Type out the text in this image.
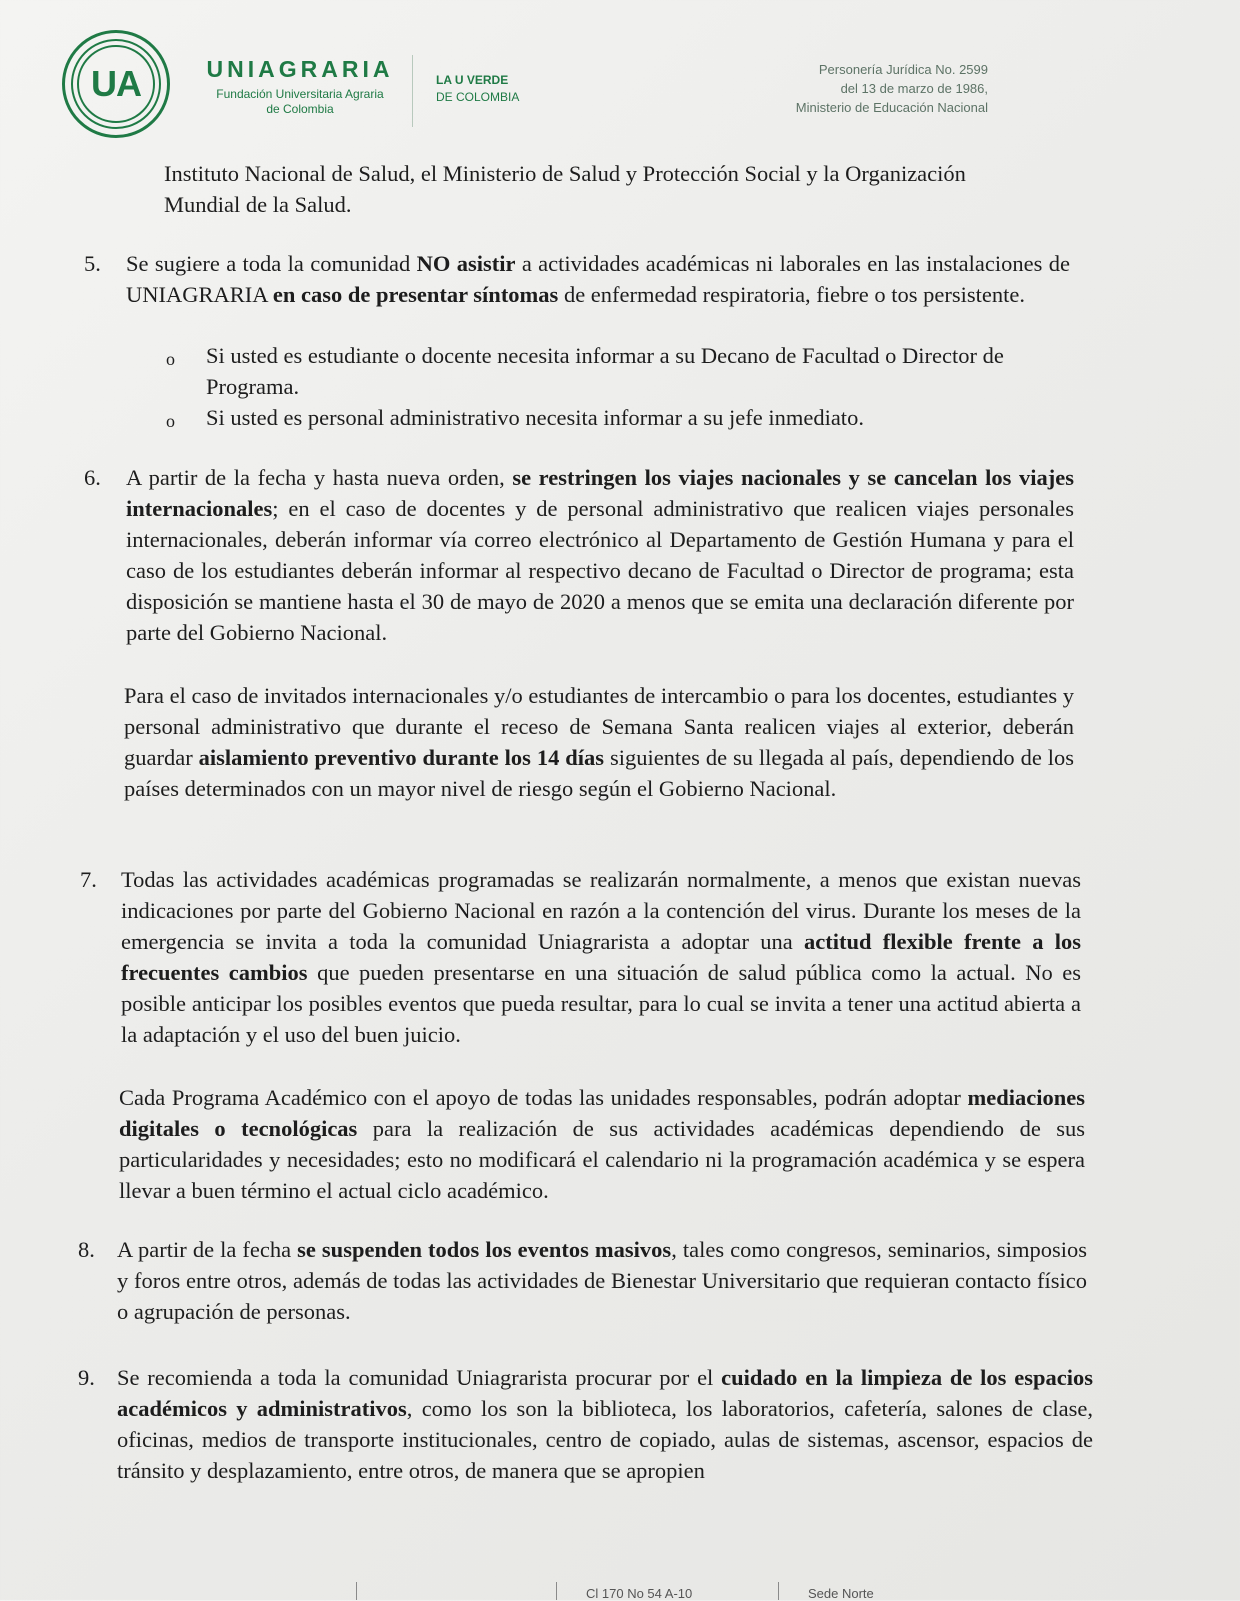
UA	UNIAGRARIA
Fundación Universitaria Agraria
de Colombia
LA U VERDE
DE COLOMBIA
Personería Jurídica No. 2599
del 13 de marzo de 1986,
Ministerio de Educación Nacional
Instituto Nacional de Salud, el Ministerio de Salud y Protección Social y la Organización
Mundial de la Salud.
5. Se sugiere a toda la comunidad NO asistir a actividades académicas ni laborales en las instalaciones de UNIAGRARIA en caso de presentar síntomas de enfermedad respiratoria, fiebre o tos persistente.
o Si usted es estudiante o docente necesita informar a su Decano de Facultad o Director de Programa.
o Si usted es personal administrativo necesita informar a su jefe inmediato.
6. A partir de la fecha y hasta nueva orden, se restringen los viajes nacionales y se cancelan los viajes internacionales; en el caso de docentes y de personal administrativo que realicen viajes personales internacionales, deberán informar vía correo electrónico al Departamento de Gestión Humana y para el caso de los estudiantes deberán informar al respectivo decano de Facultad o Director de programa; esta disposición se mantiene hasta el 30 de mayo de 2020 a menos que se emita una declaración diferente por parte del Gobierno Nacional.
Para el caso de invitados internacionales y/o estudiantes de intercambio o para los docentes, estudiantes y personal administrativo que durante el receso de Semana Santa realicen viajes al exterior, deberán guardar aislamiento preventivo durante los 14 días siguientes de su llegada al país, dependiendo de los países determinados con un mayor nivel de riesgo según el Gobierno Nacional.
7. Todas las actividades académicas programadas se realizarán normalmente, a menos que existan nuevas indicaciones por parte del Gobierno Nacional en razón a la contención del virus. Durante los meses de la emergencia se invita a toda la comunidad Uniagrarista a adoptar una actitud flexible frente a los frecuentes cambios que pueden presentarse en una situación de salud pública como la actual. No es posible anticipar los posibles eventos que pueda resultar, para lo cual se invita a tener una actitud abierta a la adaptación y el uso del buen juicio.
Cada Programa Académico con el apoyo de todas las unidades responsables, podrán adoptar mediaciones digitales o tecnológicas para la realización de sus actividades académicas dependiendo de sus particularidades y necesidades; esto no modificará el calendario ni la programación académica y se espera llevar a buen término el actual ciclo académico.
8. A partir de la fecha se suspenden todos los eventos masivos, tales como congresos, seminarios, simposios y foros entre otros, además de todas las actividades de Bienestar Universitario que requieran contacto físico o agrupación de personas.
9. Se recomienda a toda la comunidad Uniagrarista procurar por el cuidado en la limpieza de los espacios académicos y administrativos, como los son la biblioteca, los laboratorios, cafetería, salones de clase, oficinas, medios de transporte institucionales, centro de copiado, aulas de sistemas, ascensor, espacios de tránsito y desplazamiento, entre otros, de manera que se apropien
Cl 170 No 54 A-10	Sede Norte
